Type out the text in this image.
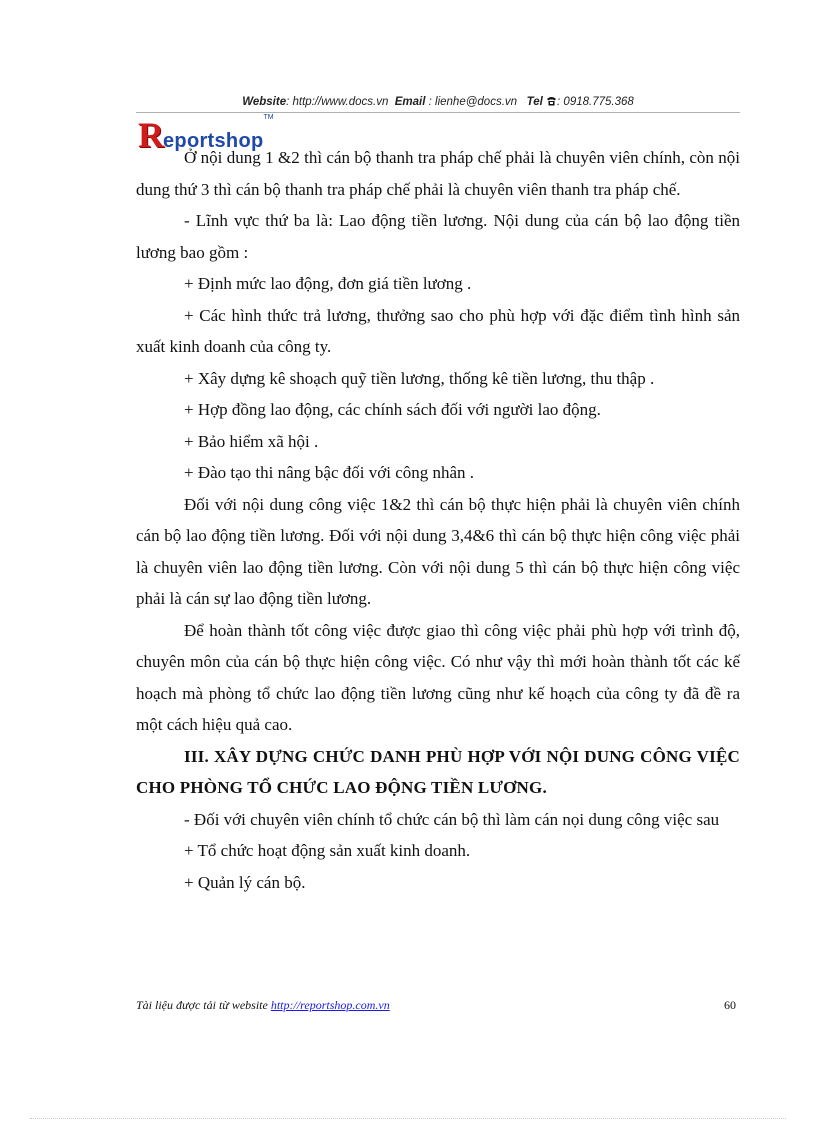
Website: http://www.docs.vn Email : lienhe@docs.vn Tel : 0918.775.368
Reportshop™

Ở nội dung 1 &2 thì cán bộ thanh tra pháp chế phải là chuyên viên chính, còn nội dung thứ 3 thì cán bộ thanh tra pháp chế phải là chuyên viên thanh tra pháp chế.

- Lĩnh vực thứ ba là: Lao động tiền lương. Nội dung của cán bộ lao động tiền lương bao gồm :

+ Định mức lao động, đơn giá tiền lương .

+ Các hình thức trả lương, thưởng sao cho phù hợp với đặc điểm tình hình sản xuất kinh doanh của công ty.

+ Xây dựng kê shoạch quỹ tiền lương, thống kê tiền lương, thu thập .

+ Hợp đồng lao động, các chính sách đối với người lao động.

+ Bảo hiểm xã hội .

+ Đào tạo thi nâng bậc đối với công nhân .

Đối với nội dung công việc 1&2 thì cán bộ thực hiện phải là chuyên viên chính cán bộ lao động tiền lương. Đối với nội dung 3,4&6 thì cán bộ thực hiện công việc phải là chuyên viên lao động tiền lương. Còn với nội dung 5 thì cán bộ thực hiện công việc phải là cán sự lao động tiền lương.

Để hoàn thành tốt công việc được giao thì công việc phải phù hợp với trình độ, chuyên môn của cán bộ thực hiện công việc. Có như vậy thì mới hoàn thành tốt các kế hoạch mà phòng tổ chức lao động tiền lương cũng như kế hoạch của công ty đã đề ra một cách hiệu quả cao.

III. XÂY DỰNG CHỨC DANH PHÙ HỢP VỚI NỘI DUNG CÔNG VIỆC CHO PHÒNG TỔ CHỨC LAO ĐỘNG TIỀN LƯƠNG.

- Đối với chuyên viên chính tổ chức cán bộ thì làm cán nọi dung công việc sau

+ Tổ chức hoạt động sản xuất kinh doanh.

+ Quản lý cán bộ.

Tài liệu được tải từ website http://reportshop.com.vn	60
